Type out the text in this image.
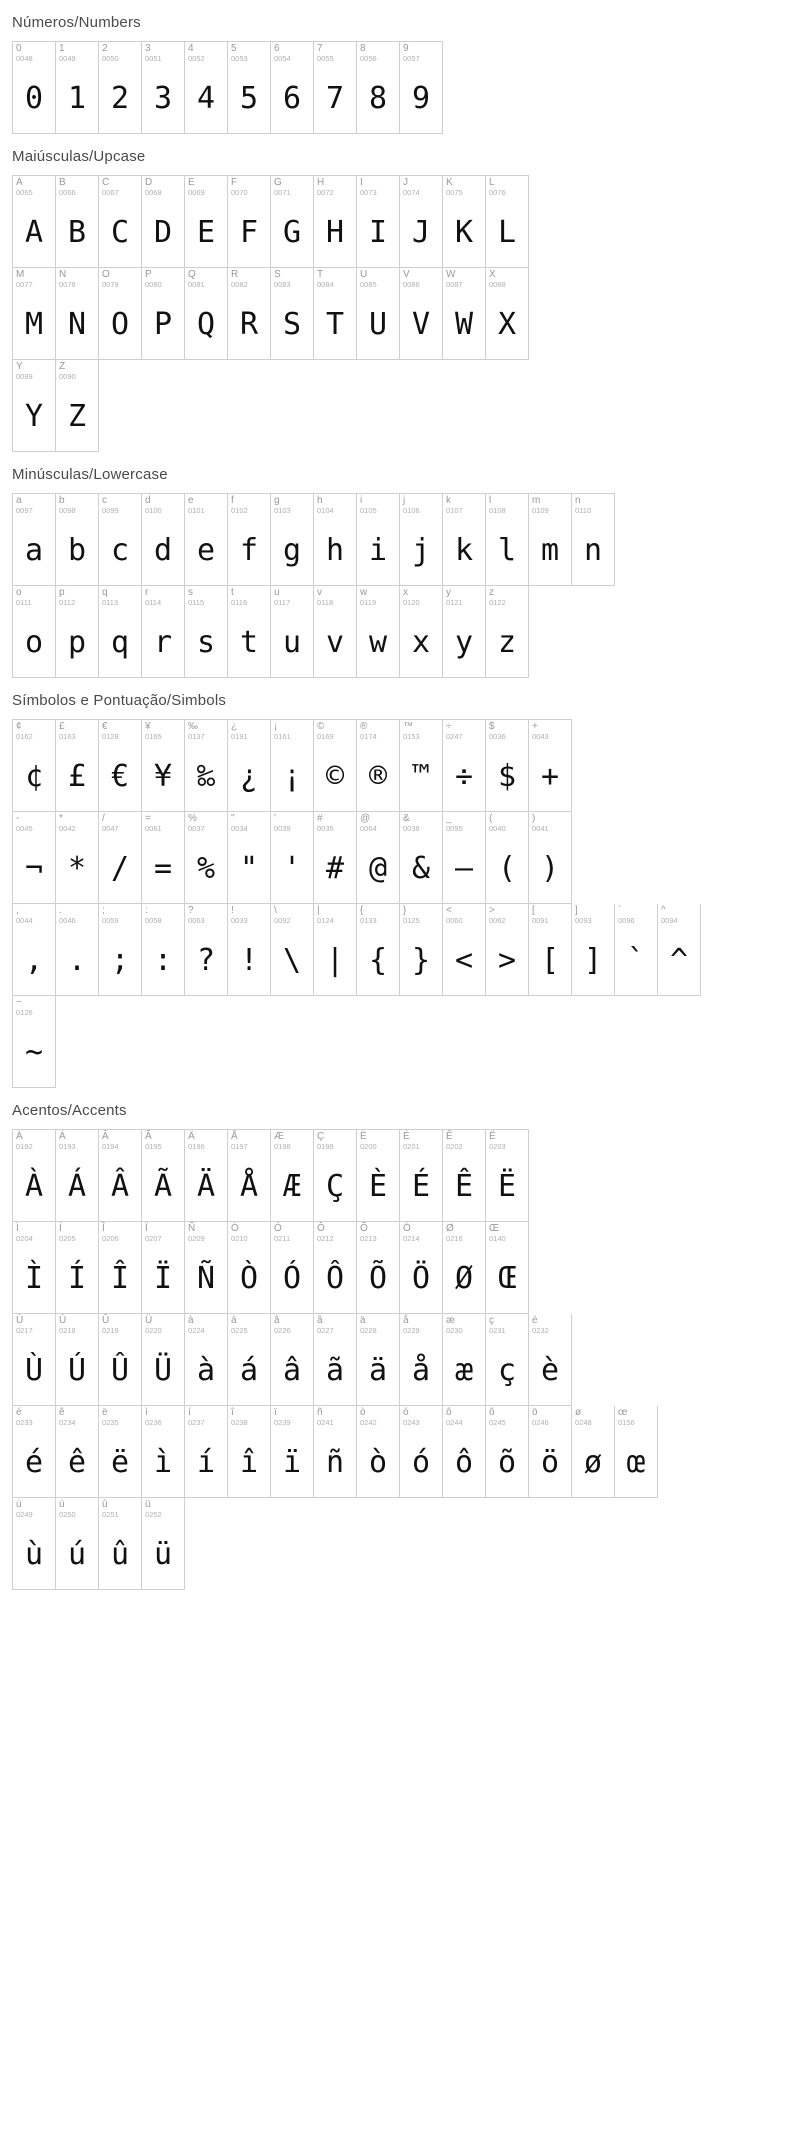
Números/Numbers
0
0048
0
1
0049
1
2
0050
2
3
0051
3
4
0052
4
5
0053
5
6
0054
6
7
0055
7
8
0056
8
9
0057
9
Maiúsculas/Upcase
A
0065
A
B
0066
B
C
0067
C
D
0068
D
E
0069
E
F
0070
F
G
0071
G
H
0072
H
I
0073
I
J
0074
J
K
0075
K
L
0076
L
M
0077
M
N
0078
N
O
0079
O
P
0080
P
Q
0081
Q
R
0082
R
S
0083
S
T
0084
T
U
0085
U
V
0086
V
W
0087
W
X
0088
X
Y
0089
Y
Z
0090
Z
Minúsculas/Lowercase
a
0097
a
b
0098
b
c
0099
c
d
0100
d
e
0101
e
f
0102
f
g
0103
g
h
0104
h
i
0105
i
j
0106
j
k
0107
k
l
0108
l
m
0109
m
n
0110
n
o
0111
o
p
0112
p
q
0113
q
r
0114
r
s
0115
s
t
0116
t
u
0117
u
v
0118
v
w
0119
w
x
0120
x
y
0121
y
z
0122
z
Símbolos e Pontuação/Simbols
¢
0162
¢
£
0163
£
€
0128
€
¥
0165
¥
‰
0137
‰
¿
0191
¿
¡
0161
¡
©
0169
©
®
0174
®
™
0153
™
÷
0247
÷
$
0036
$
+
0043
+
-
0045
¬
*
0042
*
/
0047
/
=
0061
=
%
0037
%
"
0034
"
'
0039
'
#
0035
#
@
0064
@
&
0038
&
_
0095
—
(
0040
(
)
0041
)
,
0044
,
.
0046
.
;
0059
;
:
0058
:
?
0063
?
!
0033
!
\
0092
\
|
0124
|
{
0133
{
}
0125
}
<
0060
<
>
0062
>
[
0091
[
]
0093
]
`
0096
`
^
0094
^
~
0126
~
Acentos/Accents
À
0192
À
Á
0193
Á
Â
0194
Â
Ã
0195
Ã
Ä
0196
Ä
Å
0197
Å
Æ
0198
Æ
Ç
0199
Ç
È
0200
È
É
0201
É
Ê
0202
Ê
Ë
0203
Ë
Ì
0204
Ì
Í
0205
Í
Î
0206
Î
Ï
0207
Ï
Ñ
0209
Ñ
Ò
0210
Ò
Ó
0211
Ó
Ô
0212
Ô
Õ
0213
Õ
Ö
0214
Ö
Ø
0216
Ø
Œ
0140
Œ
Ù
0217
Ù
Ú
0218
Ú
Û
0219
Û
Ü
0220
Ü
à
0224
à
á
0225
á
â
0226
â
ã
0227
ã
ä
0228
ä
å
0229
å
æ
0230
æ
ç
0231
ç
è
0232
è
é
0233
é
ê
0234
ê
ë
0235
ë
ì
0236
ì
í
0237
í
î
0238
î
ï
0239
ï
ñ
0241
ñ
ò
0242
ò
ó
0243
ó
ô
0244
ô
õ
0245
õ
ö
0246
ö
ø
0248
ø
œ
0156
œ
ù
0249
ù
ú
0250
ú
û
0251
û
ü
0252
ü
